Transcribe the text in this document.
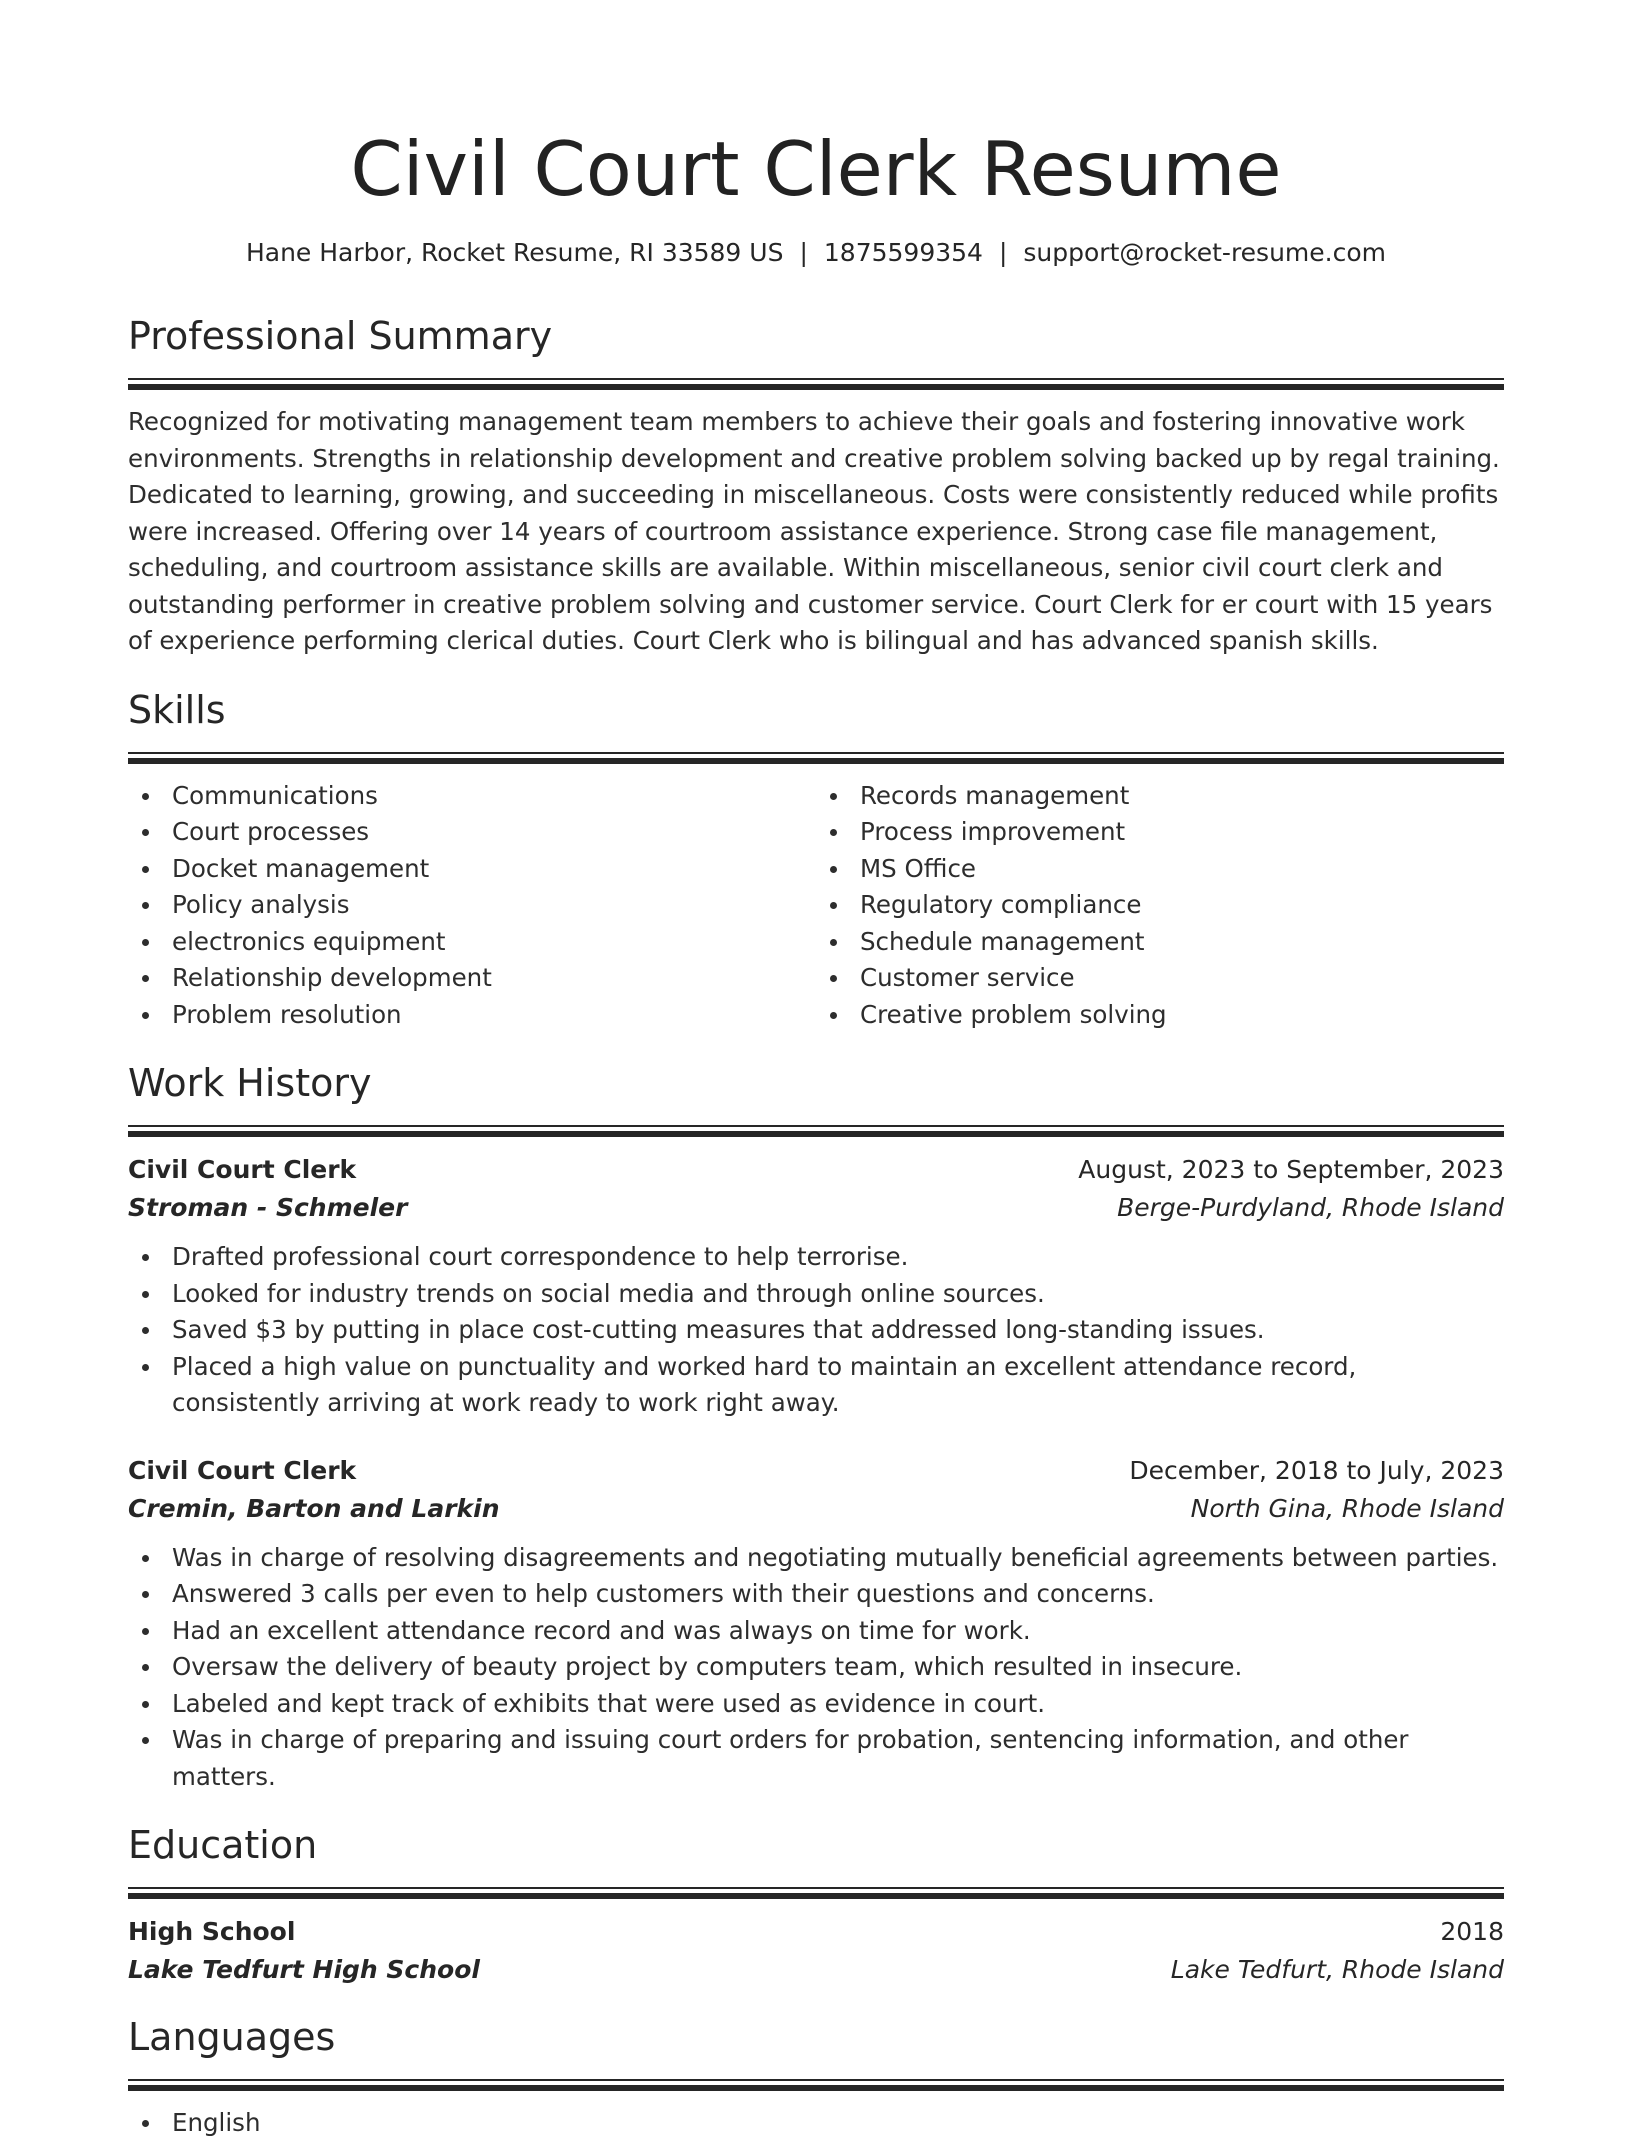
Civil Court Clerk Resume
Hane Harbor, Rocket Resume, RI 33589 US | 1875599354 | support@rocket-resume.com
Professional Summary

Recognized for motivating management team members to achieve their goals and fostering innovative work environments. Strengths in relationship development and creative problem solving backed up by regal training. Dedicated to learning, growing, and succeeding in miscellaneous. Costs were consistently reduced while profits were increased. Offering over 14 years of courtroom assistance experience. Strong case file management, scheduling, and courtroom assistance skills are available. Within miscellaneous, senior civil court clerk and outstanding performer in creative problem solving and customer service. Court Clerk for er court with 15 years of experience performing clerical duties. Court Clerk who is bilingual and has advanced spanish skills.

Skills
Communications
Court processes
Docket management
Policy analysis
electronics equipment
Relationship development
Problem resolution
Records management
Process improvement
MS Office
Regulatory compliance
Schedule management
Customer service
Creative problem solving
Work History
Civil Court Clerk	August, 2023 to September, 2023
Stroman - Schmeler	Berge-Purdyland, Rhode Island
Drafted professional court correspondence to help terrorise.
Looked for industry trends on social media and through online sources.
Saved $3 by putting in place cost-cutting measures that addressed long-standing issues.
Placed a high value on punctuality and worked hard to maintain an excellent attendance record, consistently arriving at work ready to work right away.
Civil Court Clerk	December, 2018 to July, 2023
Cremin, Barton and Larkin	North Gina, Rhode Island
Was in charge of resolving disagreements and negotiating mutually beneficial agreements between parties.
Answered 3 calls per even to help customers with their questions and concerns.
Had an excellent attendance record and was always on time for work.
Oversaw the delivery of beauty project by computers team, which resulted in insecure.
Labeled and kept track of exhibits that were used as evidence in court.
Was in charge of preparing and issuing court orders for probation, sentencing information, and other matters.
Education
High School	2018
Lake Tedfurt High School	Lake Tedfurt, Rhode Island
Languages
English
